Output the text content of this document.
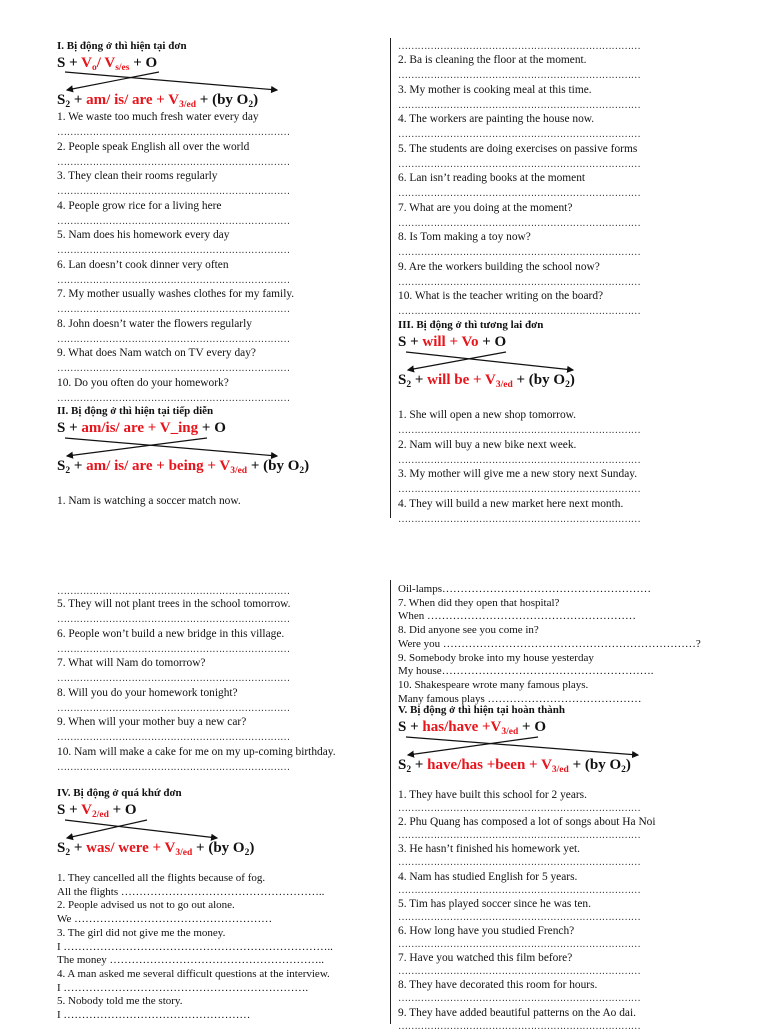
I. Bị động ở thì hiện tại đơn
$S + V_o/$ $V_{s/es} + O$
$S_2 + am/$ is/ are + $V_{3/ed} + (by$ $O_2$)
1. We waste too much fresh water every day
………………………………………………………………
2. People speak English all over the world
………………………………………………………………
3. They clean their rooms regularly
………………………………………………………………
4. People grow rice for a living here
………………………………………………………………
5. Nam does his homework every day
………………………………………………………………
6. Lan doesn’t cook dinner very often
………………………………………………………………
7. My mother usually washes clothes for my family.
………………………………………………………………
8. John doesn’t water the flowers regularly
………………………………………………………………
9. What does Nam watch on TV every day?
………………………………………………………………
10. Do you often do your homework?
………………………………………………………………
II. Bị động ở thì hiện tại tiếp diễn
S + am/is/ are + V_ing + O
$S_2 + am/$ is/ are + being + $V_{3/ed} + (by$ $O_2$)
1. Nam is watching a soccer match now.
…………………………………………………………………
2. Ba is cleaning the floor at the moment.
…………………………………………………………………
3. My mother is cooking meal at this time.
…………………………………………………………………
4. The workers are painting the house now.
…………………………………………………………………
5. The students are doing exercises on passive forms
…………………………………………………………………
6. Lan isn’t reading books at the moment
…………………………………………………………………
7. What are you doing at the moment?
…………………………………………………………………
8. Is Tom making a toy now?
…………………………………………………………………
9. Are the workers building the school now?
…………………………………………………………………
10. What is the teacher writing on the board?
…………………………………………………………………
III. Bị động ở thì tương lai đơn
S + will + Vo + O
$S_2$ + will be + $V_{3/ed} + (by$ $O_2$)
1. She will open a new shop tomorrow.
…………………………………………………………………
2. Nam will buy a new bike next week.
…………………………………………………………………
3. My mother will give me a new story next Sunday.
…………………………………………………………………
4. They will build a new market here next month.
…………………………………………………………………
………………………………………………………………
5. They will not plant trees in the school tomorrow.
………………………………………………………………
6. People won’t build a new bridge in this village.
………………………………………………………………
7. What will Nam do tomorrow?
………………………………………………………………
8. Will you do your homework tonight?
………………………………………………………………
9. When will your mother buy a new car?
………………………………………………………………
10. Nam will make a cake for me on my up-coming birthday.
………………………………………………………………
IV. Bị động ở quá khứ đơn
$S + V_{2/ed} + O$
$S_2 + was/$ were + $V_{3/ed} + (by$ $O_2$)
1. They cancelled all the flights because of fog.
All the flights ………………………………………………..
2. People advised us not to go out alone.
We ………………………………………………
3. The girl did not give me the money.
I ………………………………………………………………..
The money …………………………………………………..
4. A man asked me several difficult questions at the interview.
I ………………………………………………………….
5. Nobody told me the story.
I ……………………………………………
Oil-lamps…………………………………………………
7. When did they open that hospital?
When …………………………………………………
8. Did anyone see you come in?
Were you ……………………………………………………………?
9. Somebody broke into my house yesterday
My house………………………………………………….
10. Shakespeare wrote many famous plays.
Many famous plays ……………………………………
V. Bị động ở thì hiện tại hoàn thành
S + has/have $+V_{3/ed} + O$
$S_2$ + have/has +been + $V_{3/ed} + (by$ $O_2$)
1. They have built this school for 2 years.
…………………………………………………………………
2. Phu Quang has composed a lot of songs about Ha Noi
…………………………………………………………………
3. He hasn’t finished his homework yet.
…………………………………………………………………
4. Nam has studied English for 5 years.
…………………………………………………………………
5. Tim has played soccer since he was ten.
…………………………………………………………………
6. How long have you studied French?
…………………………………………………………………
7. Have you watched this film before?
…………………………………………………………………
8. They have decorated this room for hours.
…………………………………………………………………
9. They have added beautiful patterns on the Ao dai.
…………………………………………………………………
